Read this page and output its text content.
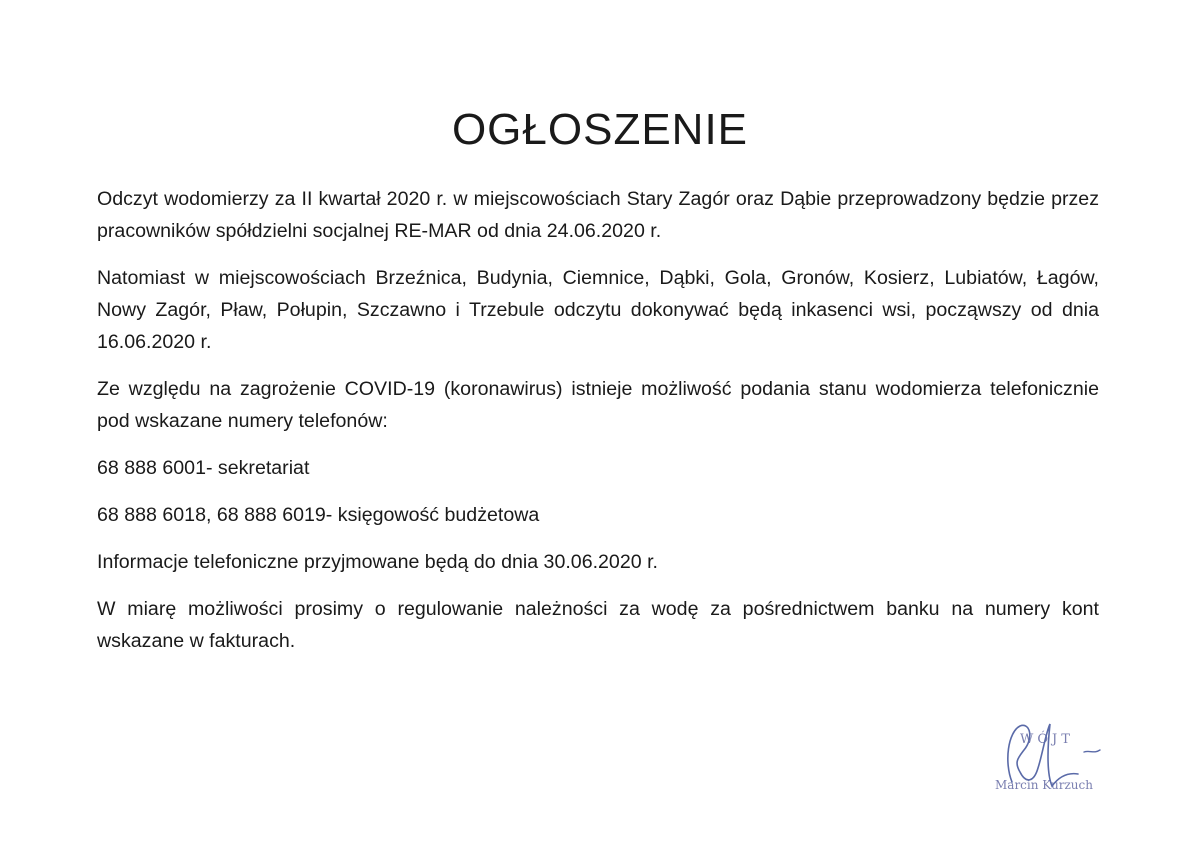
OGŁOSZENIE

Odczyt wodomierzy za II kwartał 2020 r. w miejscowościach Stary Zagór oraz Dąbie przeprowadzony będzie przez pracowników spółdzielni socjalnej RE-MAR od dnia 24.06.2020 r.

Natomiast w miejscowościach Brzeźnica, Budynia, Ciemnice, Dąbki, Gola, Gronów, Kosierz, Lubiatów, Łagów, Nowy Zagór, Pław, Połupin, Szczawno i Trzebule odczytu dokonywać będą inkasenci wsi, począwszy od dnia 16.06.2020 r.

Ze względu na zagrożenie COVID-19 (koronawirus) istnieje możliwość podania stanu wodomierza telefonicznie pod wskazane numery telefonów:

68 888 6001- sekretariat

68 888 6018, 68 888 6019- księgowość budżetowa

Informacje telefoniczne przyjmowane będą do dnia 30.06.2020 r.

W miarę możliwości prosimy o regulowanie należności za wodę za pośrednictwem banku na numery kont wskazane w fakturach.

WÓJT
Marcin Kurzuch
